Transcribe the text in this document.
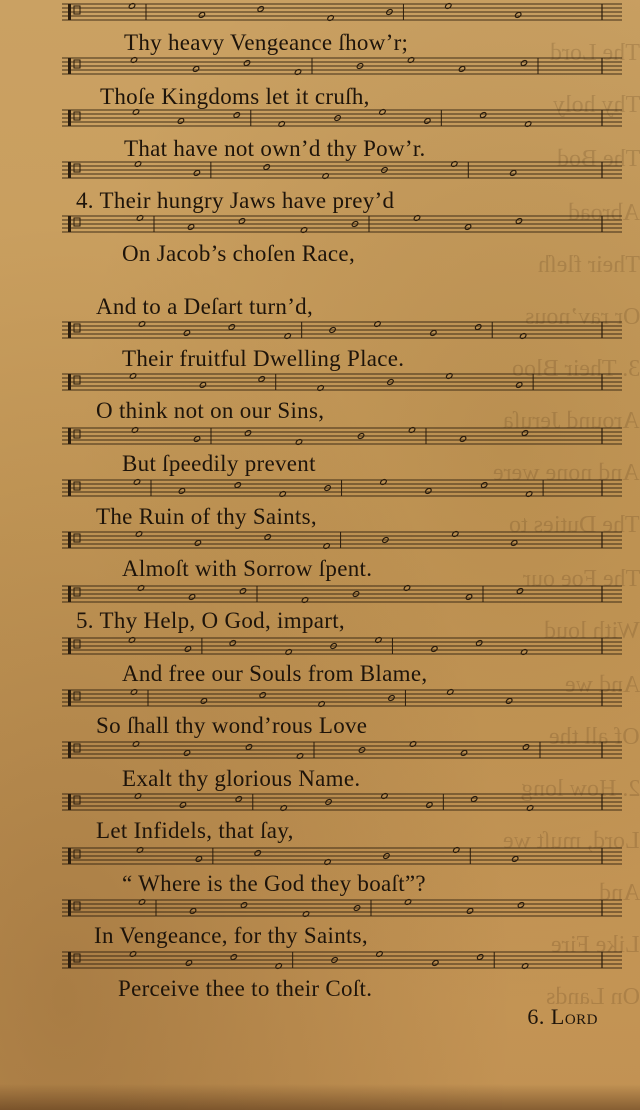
The Lord
Thy holy
The Bod
Abroad
Their fleſh
Or rav’nous
3. Their Bloo
Around Jeruſa
And none were
The Duties to
The Foe our
With loud
And we
Of all the
2. How long
Lord, muſt we
And
Like Fire
On Lands
Thy heavy Vengeance ſhow’r;
Thoſe Kingdoms let it cruſh,
That have not own’d thy Pow’r.
4. Their hungry Jaws have prey’d
On Jacob’s choſen Race,
And to a Deſart turn’d,
Their fruitful Dwelling Place.
O think not on our Sins,
But ſpeedily prevent
The Ruin of thy Saints,
Almoſt with Sorrow ſpent.
5. Thy Help, O God, impart,
And free our Souls from Blame,
So ſhall thy wond’rous Love
Exalt thy glorious Name.
Let Infidels, that ſay,
“ Where is the God they boaſt”?
In Vengeance, for thy Saints,
Perceive thee to their Coſt.
6. Lord
